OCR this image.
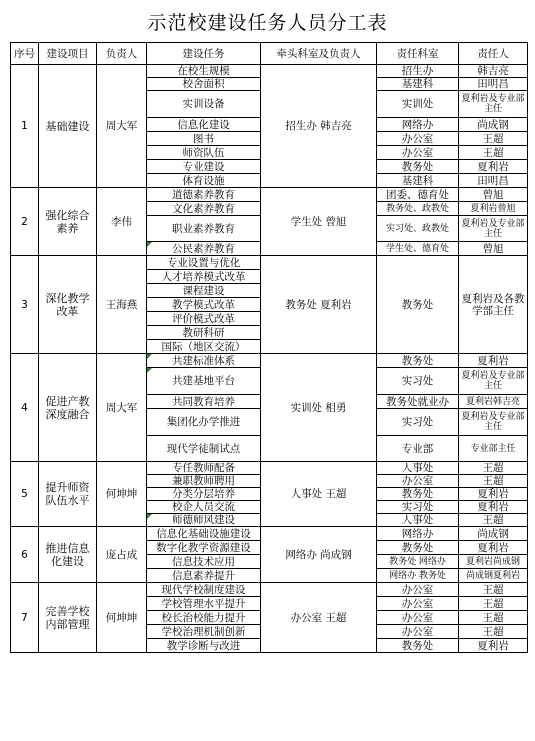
示范校建设任务人员分工表
序号	建设项目	负责人	建设任务	牵头科室及负责人	责任科室	责任人
1	基础建设	周大军	在校生规模	招生办 韩吉亮	招生办	韩吉亮
			校舍面积		基建科	田明昌
			实训设备		实训处	夏利岩及专业部主任
			信息化建设		网络办	尚成钢
			图书		办公室	王超
			师资队伍		办公室	王超
			专业建设		教务处	夏利岩
			体育设施		基建科	田明昌
2	强化综合素养	李伟	道德素养教育	学生处 曾旭	团委、德育处	曾旭
			文化素养教育		教务处、政教处	夏利岩曾旭
			职业素养教育		实习处、政教处	夏利岩及专业部主任
			公民素养教育		学生处、德育处	曾旭
3	深化教学改革	王海燕	专业设置与优化	教务处 夏利岩	教务处	夏利岩及各教学部主任
			人才培养模式改革			
			课程建设			
			教学模式改革			
			评价模式改革			
			教研科研			
			国际（地区交流）			
4	促进产教深度融合	周大军	共建标准体系	实训处 相勇	教务处	夏利岩
			共建基地平台		实习处	夏利岩及专业部主任
			共同教育培养		教务处就业办	夏利岩韩吉亮
			集团化办学推进		实习处	夏利岩及专业部主任
			现代学徒制试点		专业部	专业部主任
5	提升师资队伍水平	何坤坤	专任教师配备	人事处 王超	人事处	王超
			兼职教师聘用		办公室	王超
			分类分层培养		教务处	夏利岩
			校企人员交流		实习处	夏利岩
			师德师风建设		人事处	王超
6	推进信息化建设	庞占成	信息化基础设施建设	网络办 尚成钢	网络办	尚成钢
			数字化教学资源建设		教务处	夏利岩
			信息技术应用		教务处 网络办	夏利岩尚成钢
			信息素养提升		网络办 教务处	尚成钢夏利岩
7	完善学校内部管理	何坤坤	现代学校制度建设	办公室 王超	办公室	王超
			学校管理水平提升		办公室	王超
			校长治校能力提升		办公室	王超
			学校治理机制创新		办公室	王超
			教学诊断与改进		教务处	夏利岩
